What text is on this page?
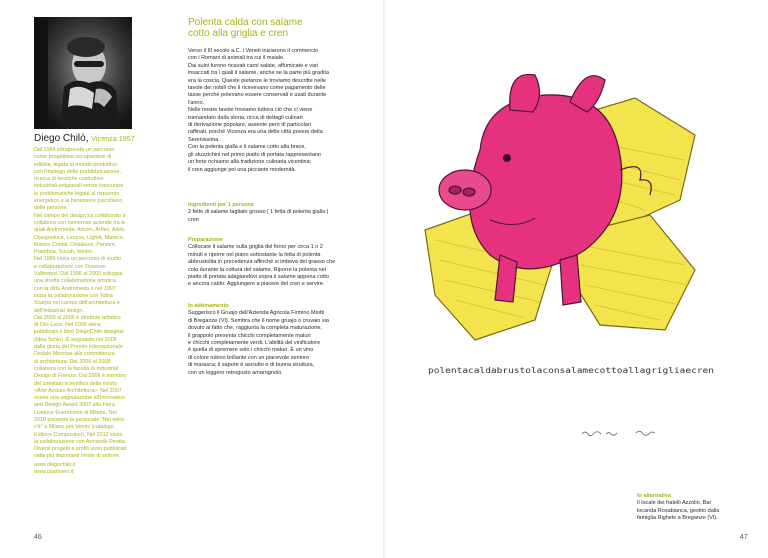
Diego Chilò, Vicenza 1957

Dal 1984 intraprende un percorso

come progettista occupandosi di

edilizia, legata al mondo produttivo

con l'impiego della prefabbricazione,

ricerca di tecniche costruttive

industriali-artigianali senza trascurare

le problematiche legate al risparmio

energetico e al benessere psicofisico

delle persone.

Nel campo del design ha collaborato e

collabora con numerose aziende tra le

quali Andromeda, Arcom, Arflex, Altek,

Disegnoluce, Leucos, Light4, Mareco,

Manno Cristal, Ondaluce, Panzeri,

Prandina, Sovah, Venini.

Nel 1985 inizia un percorso di studio

e collaborazione con Fiorenzo

Valbonesi. Dal 1996 al 2000 sviluppa

una stretta collaborazione artistica

con la ditta Andromeda e nel 1997

inizia la collaborazione con Tobia

Scarpa nel campo dell'architettura e

dell'industrial design.

Dal 2003 al 2006 è direttore artistico

di Oro-Luce. Nel 2005 viene

pubblicato il libro DiegoChilò designer

(Idea Schio). È segnalato nel 2006

dalla giuria del Premio Internazionale

Dedalo Minosse alla committenza

di architettura. Dal 2006 al 2008

collabora con la facoltà di Industrial

Design di Firenze. Dal 2006 è membro

del comitato scientifico della rivista

«Arte Acciaio Architettura». Nel 2007

riceve una segnalazione all'Innovation

and Design Award 2007 alla Fiera

Liveluce Enermotive di Milano. Nel

2010 presenta la personale "Nel vetro

c'è" a Milano per Venini (catalogo

Editrice Compositori). Nel 2012 inizia

la collaborazione con Armando Peotta.

Diversi progetti e profili sono pubblicati

nelle più importanti riviste di settore.

www.diegochilo.it
www.cpartners.it
46
Polenta calda con salame
cotto alla griglia e cren

Verso il III secolo a.C. i Veneti iniziarono il commercio

con i Romani di animali tra cui il maiale.

Dai suini furono ricavati carni salate, affumicate e vari

insaccati tra i quali il salame, anche se la parte più gradita

era la coscia. Queste pietanze le troviamo descritte nelle

tavole dei nobili che li ricevevano come pagamento delle

tasse perché potevano essere conservati e usati durante

l'anno.

Nelle nostre tavole troviamo tuttora ciò che ci viene

tramandato dalla storia, ricca di dettagli culinari

di derivazione popolare, assente però di particolari

raffinati, poiché Vicenza era una delle città povere della

Serenissima.

Con la polenta gialla e il salame cotto alla brace,

gli stuzzichini nel primo piatto di portata rappresentano

un forte richiamo alla tradizione culinaria vicentina;

il cren aggiunge poi una piccante modernità.

Ingredienti per 1 persona

2 fette di salame tagliato grosso | 1 fetta di polenta gialla |

cren

Preparazione

Collocare il salame sulla griglia del forno per circa 1 o 2

minuti e riporre nel piano sottostante la fetta di polenta

abbrustolita in precedenza affinché si imbeva del grasso che

cola durante la cottura del salame. Riporre la polenta nel

piatto di portata adagiandovi sopra il salame appena cotto

e ancora caldo. Aggiungere a piacere del cren e servire.

In abbinamento

Suggerisco il Gruajo dell'Azienda Agricola Firmino Miotti

di Breganze (VI). Sembra che il nome gruajo o cruvaio sia

dovuto al fatto che, raggiunta la completa maturazione,

il grappolo presenta chicchi completamente maturi

e chicchi completamente verdi. L'abilità del vinificatore

è quella di spremere solo i chicchi maturi. È un vino

di colore rubino brillante con un piacevole sentore

di marasca; il sapore è asciutto e di buona struttura,

con un leggero retrogusto amarognolo.	polentacaldabrustolaconsalamecottoallagrigliaecren
In alternativa

Il locale dei fratelli Azzolin, Bar

locanda Rosabianca, gestito dalla

famiglia Righele a Breganze (VI).

47
